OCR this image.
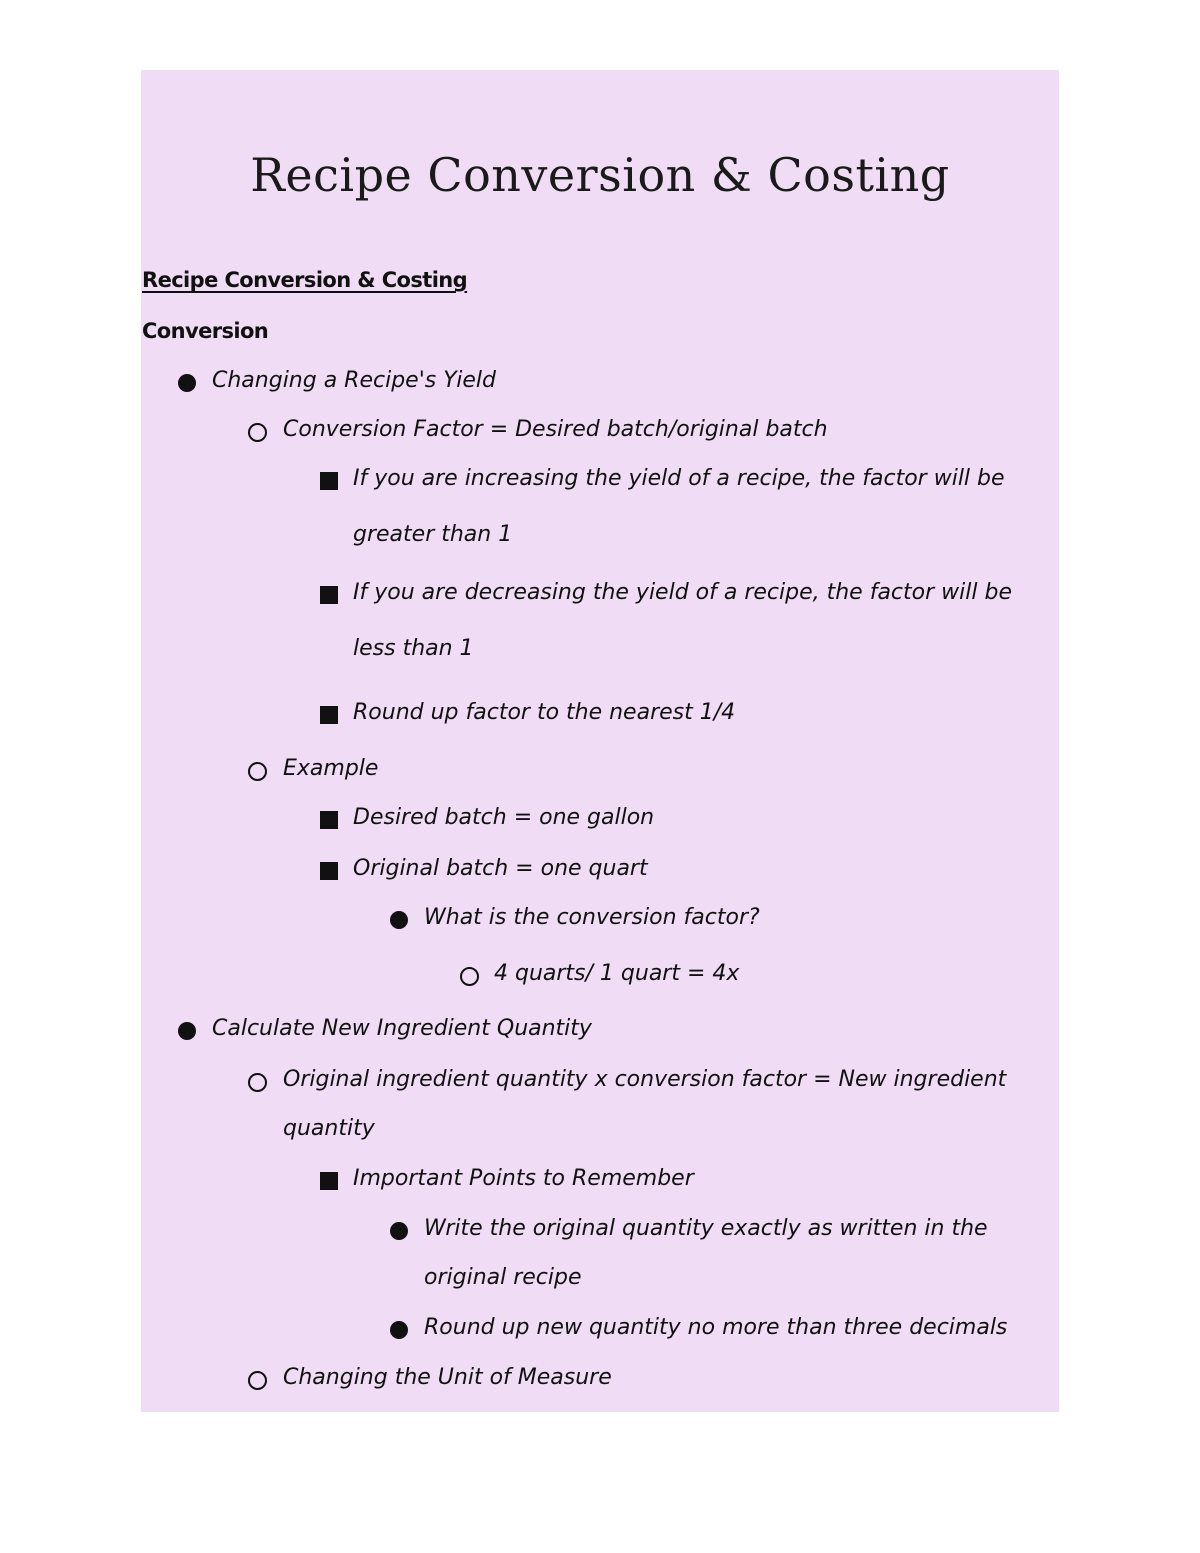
Recipe Conversion & Costing
Recipe Conversion & Costing
Conversion
Changing a Recipe's Yield
Conversion Factor = Desired batch/original batch
If you are increasing the yield of a recipe, the factor will be
greater than 1
If you are decreasing the yield of a recipe, the factor will be
less than 1
Round up factor to the nearest 1/4
Example
Desired batch = one gallon
Original batch = one quart
What is the conversion factor?
4 quarts/ 1 quart = 4x
Calculate New Ingredient Quantity
Original ingredient quantity x conversion factor = New ingredient
quantity
Important Points to Remember
Write the original quantity exactly as written in the
original recipe
Round up new quantity no more than three decimals
Changing the Unit of Measure
